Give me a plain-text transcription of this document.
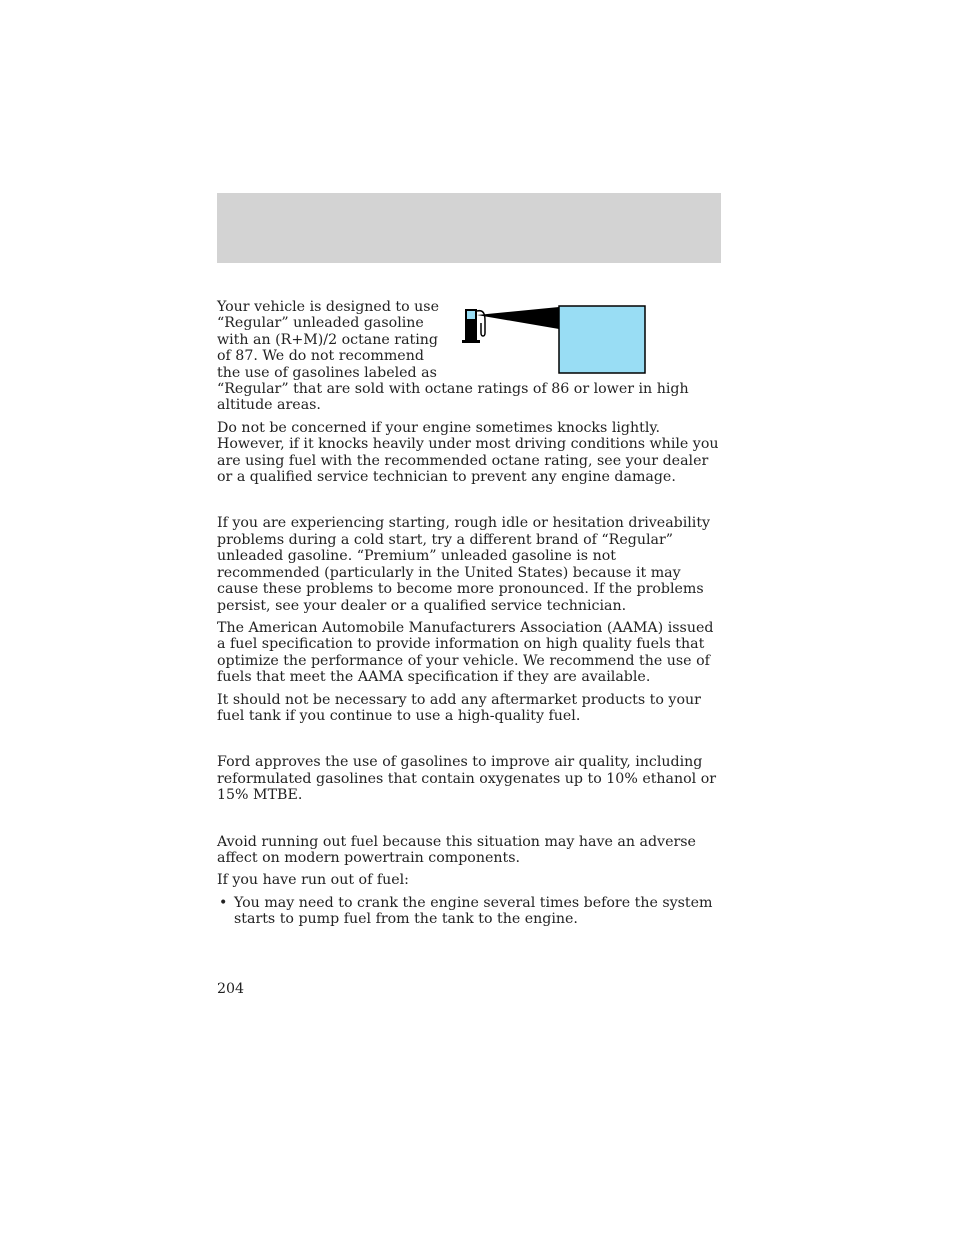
Your vehicle is designed to use “Regular” unleaded gasoline with an (R+M)/2 octane rating of 87. We do not recommend the use of gasolines labeled as “Regular” that are sold with octane ratings of 86 or lower in high altitude areas.

Do not be concerned if your engine sometimes knocks lightly. However, if it knocks heavily under most driving conditions while you are using fuel with the recommended octane rating, see your dealer or a qualified service technician to prevent any engine damage.

If you are experiencing starting, rough idle or hesitation driveability problems during a cold start, try a different brand of “Regular” unleaded gasoline. “Premium” unleaded gasoline is not recommended (particularly in the United States) because it may cause these problems to become more pronounced. If the problems persist, see your dealer or a qualified service technician.

The American Automobile Manufacturers Association (AAMA) issued a fuel specification to provide information on high quality fuels that optimize the performance of your vehicle. We recommend the use of fuels that meet the AAMA specification if they are available.

It should not be necessary to add any aftermarket products to your fuel tank if you continue to use a high-quality fuel.

Ford approves the use of gasolines to improve air quality, including reformulated gasolines that contain oxygenates up to 10% ethanol or 15% MTBE.

Avoid running out fuel because this situation may have an adverse affect on modern powertrain components.

If you have run out of fuel:

• You may need to crank the engine several times before the system starts to pump fuel from the tank to the engine.
204
